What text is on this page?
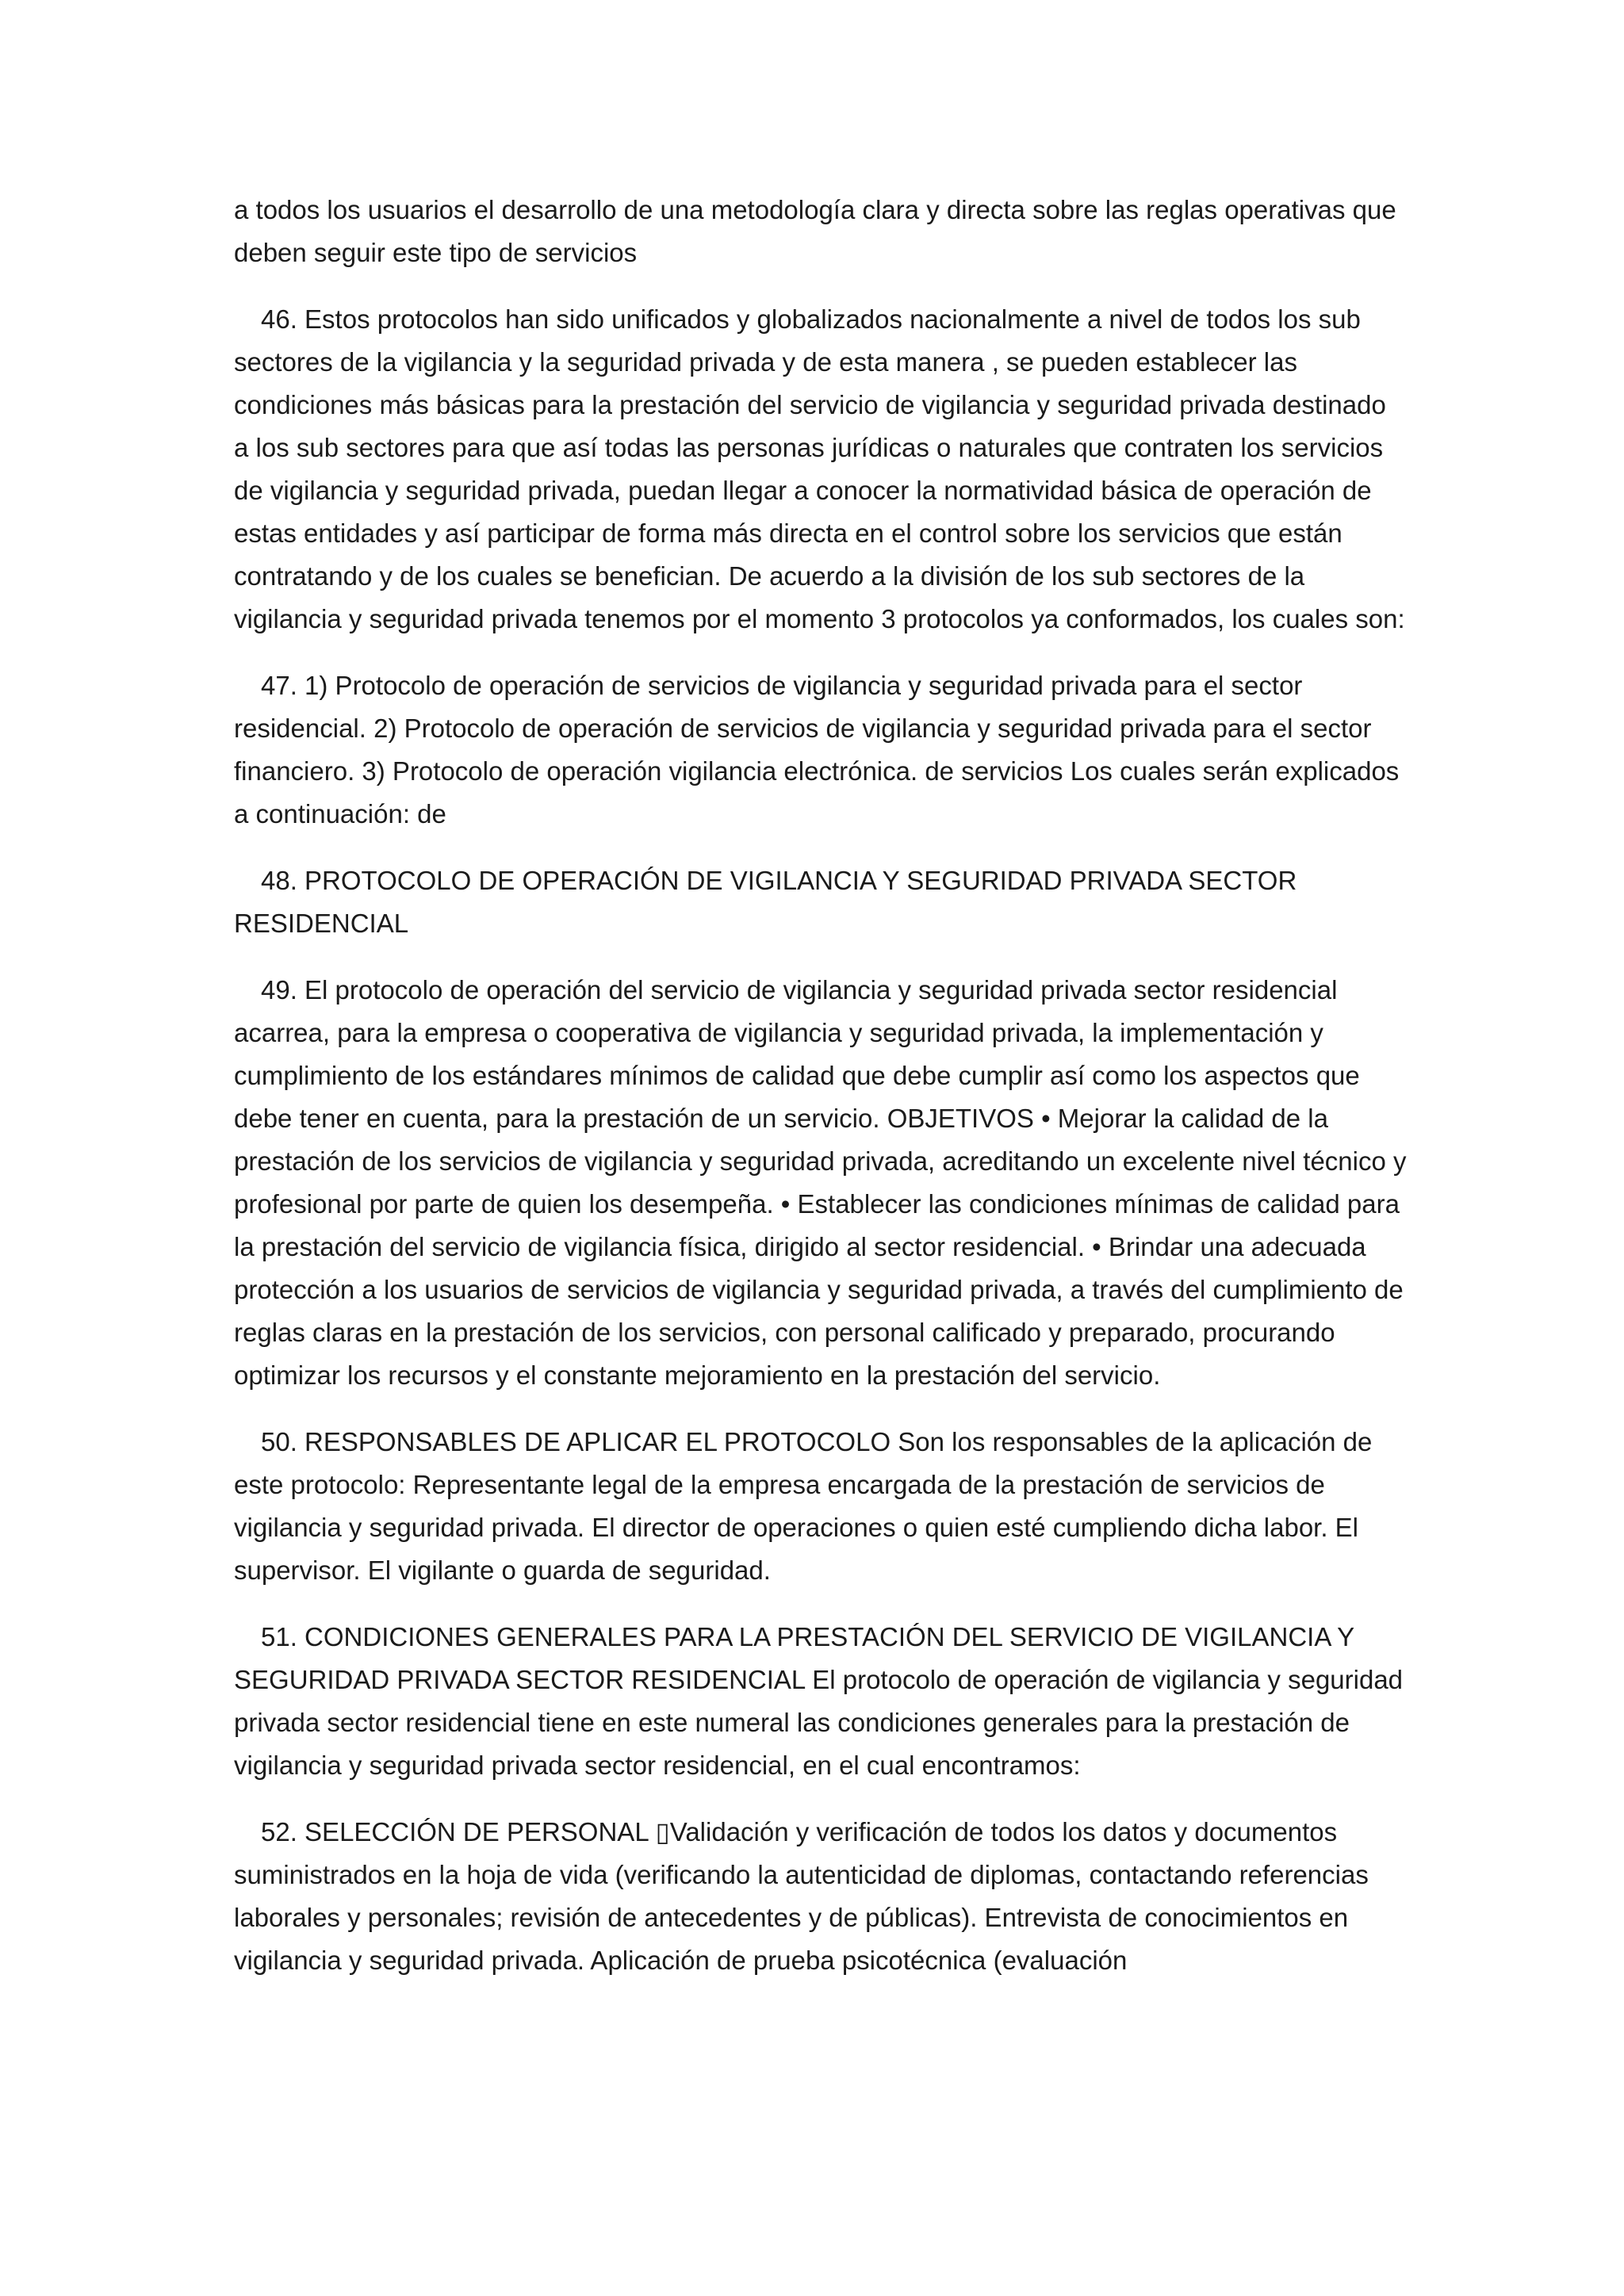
a todos los usuarios el desarrollo de una metodología clara y directa sobre las reglas operativas que deben seguir este tipo de servicios

46. Estos protocolos han sido unificados y globalizados nacionalmente a nivel de todos los sub sectores de la vigilancia y la seguridad privada y de esta manera , se pueden establecer las condiciones más básicas para la prestación del servicio de vigilancia y seguridad privada destinado a los sub sectores para que así todas las personas jurídicas o naturales que contraten los servicios de vigilancia y seguridad privada, puedan llegar a conocer la normatividad básica de operación de estas entidades y así participar de forma más directa en el control sobre los servicios que están contratando y de los cuales se benefician. De acuerdo a la división de los sub sectores de la vigilancia y seguridad privada tenemos por el momento 3 protocolos ya conformados, los cuales son:

47. 1) Protocolo de operación de servicios de vigilancia y seguridad privada para el sector residencial. 2) Protocolo de operación de servicios de vigilancia y seguridad privada para el sector financiero. 3) Protocolo de operación vigilancia electrónica. de servicios Los cuales serán explicados a continuación: de

48. PROTOCOLO DE OPERACIÓN DE VIGILANCIA Y SEGURIDAD PRIVADA SECTOR RESIDENCIAL

49. El protocolo de operación del servicio de vigilancia y seguridad privada sector residencial acarrea, para la empresa o cooperativa de vigilancia y seguridad privada, la implementación y cumplimiento de los estándares mínimos de calidad que debe cumplir así como los aspectos que debe tener en cuenta, para la prestación de un servicio. OBJETIVOS • Mejorar la calidad de la prestación de los servicios de vigilancia y seguridad privada, acreditando un excelente nivel técnico y profesional por parte de quien los desempeña. • Establecer las condiciones mínimas de calidad para la prestación del servicio de vigilancia física, dirigido al sector residencial. • Brindar una adecuada protección a los usuarios de servicios de vigilancia y seguridad privada, a través del cumplimiento de reglas claras en la prestación de los servicios, con personal calificado y preparado, procurando optimizar los recursos y el constante mejoramiento en la prestación del servicio.

50. RESPONSABLES DE APLICAR EL PROTOCOLO Son los responsables de la aplicación de este protocolo: Representante legal de la empresa encargada de la prestación de servicios de vigilancia y seguridad privada. El director de operaciones o quien esté cumpliendo dicha labor. El supervisor. El vigilante o guarda de seguridad.

51. CONDICIONES GENERALES PARA LA PRESTACIÓN DEL SERVICIO DE VIGILANCIA Y SEGURIDAD PRIVADA SECTOR RESIDENCIAL El protocolo de operación de vigilancia y seguridad privada sector residencial tiene en este numeral las condiciones generales para la prestación de vigilancia y seguridad privada sector residencial, en el cual encontramos:

52. SELECCIÓN DE PERSONAL ▯Validación y verificación de todos los datos y documentos suministrados en la hoja de vida (verificando la autenticidad de diplomas, contactando referencias laborales y personales; revisión de antecedentes y de públicas). Entrevista de conocimientos en vigilancia y seguridad privada. Aplicación de prueba psicotécnica (evaluación
